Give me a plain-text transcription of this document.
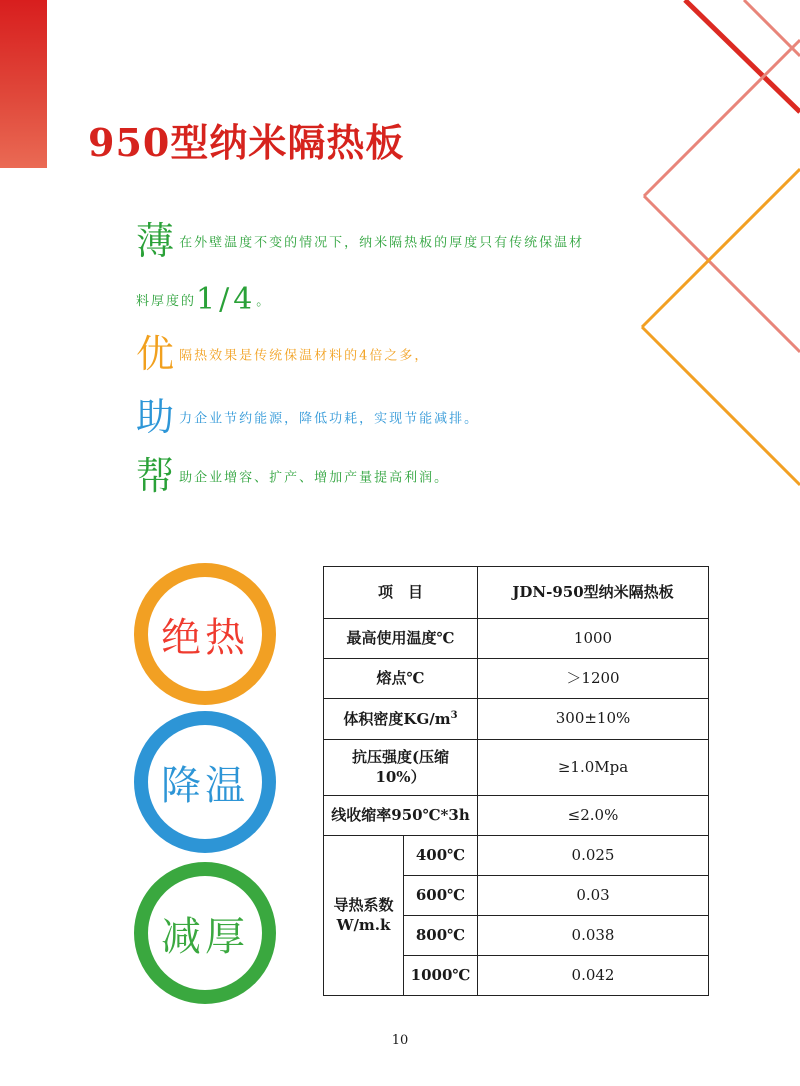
950型纳米隔热板
薄 在外壁温度不变的情况下，纳米隔热板的厚度只有传统保温材
料厚度的1/4。
优 隔热效果是传统保温材料的4倍之多，
助 力企业节约能源，降低功耗，实现节能减排。
帮 助企业增容、扩产、增加产量提高利润。
绝热
降温
减厚
项　目		JDN-950型纳米隔热板
最高使用温度℃		1000
熔点℃		＞1200
体积密度$KG/m^3$		300±10%

抗压强度(压缩
10%）		≥1.0Mpa
线收缩率950℃*3h		≤2.0%

导热系数
W/m.k	400℃	0.025
	600℃	0.03
	800℃	0.038
	1000℃	0.042
10
